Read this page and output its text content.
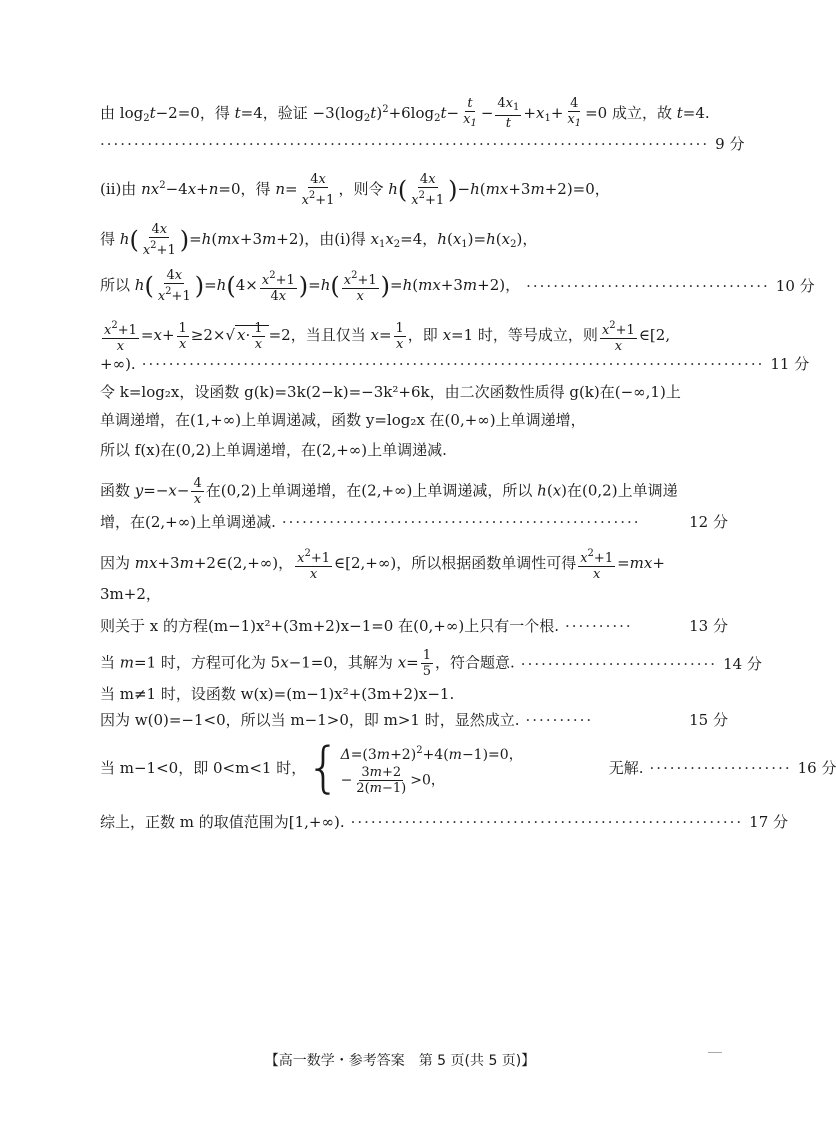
由 $\log_2t-2=0$，得 t=4，验证 $-3(\log_2t)^2+6\log_2t- \frac{t}{x_1} - \frac{4x_1}{t} +x_1+ \frac{4}{x_1} =0$ 成立，故 t=4.
·························································································· 9 分
(ⅱ)由 $nx^2-4x+n=0$，得 $n= \frac{4x}{x^2+1}$ ，则令 $h( \frac{4x}{x^2+1} )-h(mx+3m+2)=0$，
得 $h( \frac{4x}{x^2+1} )=h(mx+3m+2)$，由(ⅰ)得 $x_1x_2=4$，$h(x_1)=h(x_2)$，
所以 $h( \frac{4x}{x^2+1} )=h(4\times \frac{x^2+1}{4x} )=h( \frac{x^2+1}{x} )=h(mx+3m+2)$， ···································· 10 分
$\frac{x^2+1}{x} =x+ \frac{1}{x} \ge 2\times√$ $x\cdot \frac{1}{x} =2$，当且仅当 $x= \frac{1}{x}$ ，即 x=1 时，等号成立，则 $\frac{x^2+1}{x}$ ∈[2,
+∞). ···························································································· 11 分
令 k=log₂x，设函数 g(k)=3k(2−k)=−3k²+6k，由二次函数性质得 g(k)在(−∞,1)上
单调递增，在(1,+∞)上单调递减，函数 y=log₂x 在(0,+∞)上单调递增，
所以 f(x)在(0,2)上单调递增，在(2,+∞)上单调递减.
函数 $y=-x- \frac{4}{x}$ 在(0,2)上单调递增，在(2,+∞)上单调递减，所以 h(x)在(0,2)上单调递
增，在(2,+∞)上单调递减. ·····················································	12 分
因为 mx+3m+2∈(2,+∞)， $\frac{x^2+1}{x}$ ∈[2,+∞)，所以根据函数单调性可得 $\frac{x^2+1}{x} =mx+$
3m+2，
则关于 x 的方程(m−1)x²+(3m+2)x−1=0 在(0,+∞)上只有一个根. ··········	13 分
当 m=1 时，方程可化为 5x−1=0，其解为 $x= \frac{1}{5}$ ，符合题意. ····························· 14 分
当 m≠1 时，设函数 w(x)=(m−1)x²+(3m+2)x−1.
因为 w(0)=−1<0，所以当 m−1>0，即 m>1 时，显然成立. ··········	15 分
当 m−1<0，即 0<m<1 时， { $\Delta=(3m+2)^2+4(m-1)=0$，
− $\frac{3m+2}{2(m-1)} >0$，
无解. ····················· 16 分
综上，正数 m 的取值范围为[1,+∞). ·························································· 17 分
【高一数学・参考答案　第 5 页(共 5 页)】
